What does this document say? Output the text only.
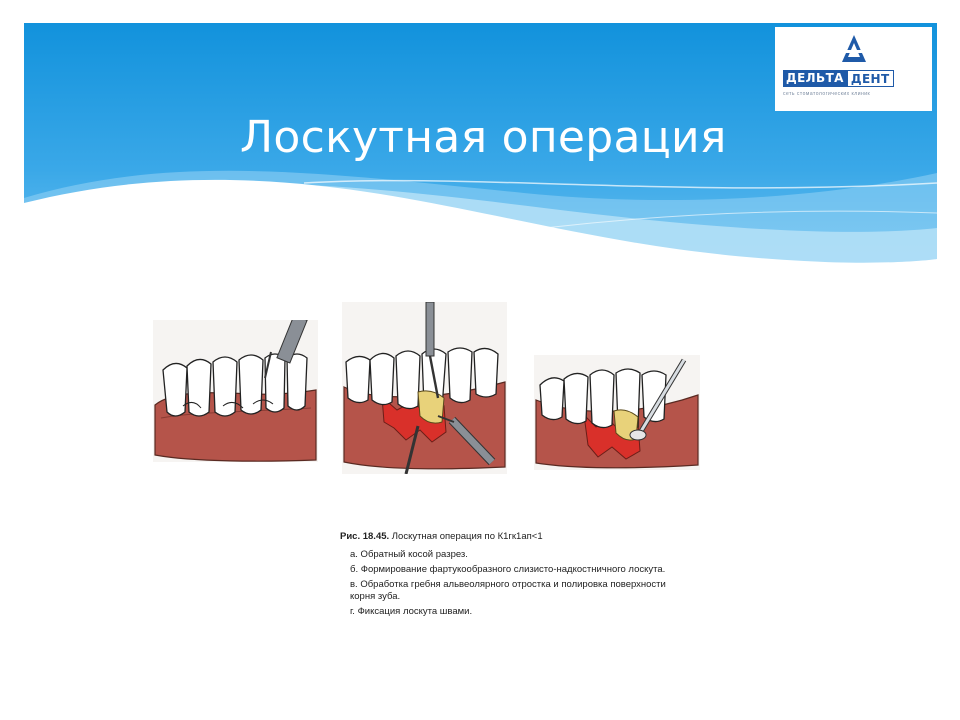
Лоскутная операция
ДЕЛЬТА ДЕНТ
сеть стоматологических клиник
Рис. 18.45. Лоскутная операция по К1гк1ап<1
а. Обратный косой разрез.
б. Формирование фартукообразного слизисто-надкостничного лоскута.
в. Обработка гребня альвеолярного отростка и полировка поверхности корня зуба.
г. Фиксация лоскута швами.
